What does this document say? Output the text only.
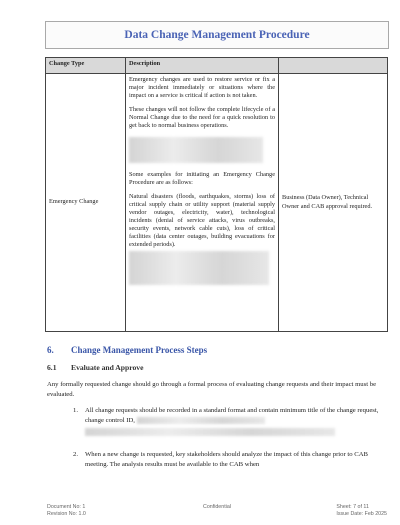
Data Change Management Procedure
Change Type	Description	
Emergency Change	Emergency changes are used to restore service or fix a major incident immediately or situations where the impact on a service is critical if action is not taken.

These changes will not follow the complete lifecycle of a Normal Change due to the need for a quick resolution to get back to normal business operations.

Some examples for initiating an Emergency Change Procedure are as follows:

Natural disasters (floods, earthquakes, storms) loss of critical supply chain or utility support (material supply vendor outages, electricity, water), technological incidents (denial of service attacks, virus outbreaks, security events, network cable cuts), loss of critical facilities (data center outages, building evacuations for extended periods).	Business (Data Owner), Technical Owner and CAB approval required.
6. Change Management Process Steps
6.1 Evaluate and Approve
Any formally requested change should go through a formal process of evaluating change requests and their impact must be evaluated.
1. All change requests should be recorded in a standard format and contain minimum title of the change request, change control ID,
2. When a new change is requested, key stakeholders should analyze the impact of this change prior to CAB meeting. The analysis results must be available to the CAB when
Document No: 1
Revision No: 1.0
Confidential	Sheet: 7 of 11
Issue Date: Feb 2025
